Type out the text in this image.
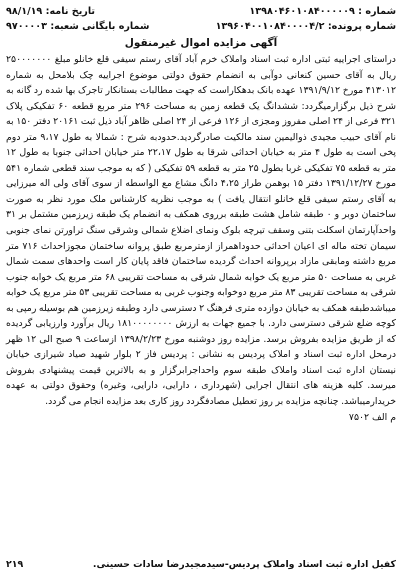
شماره : ۱۳۹۸۰۴۶۰۱۰۸۴۰۰۰۰۰۹
تاریخ نامه: ۹۸/۱/۱۹
شماره پرونده: ۱۳۹۶۰۴۰۰۱۰۸۴۰۰۰۰۴/۲
شماره بایگانی شعبه: ۹۷۰۰۰۰۳
آگهی مزایده اموال غیرمنقول

دراستای اجراییه ثبتی اداره ثبت اسناد واملاک خرم آباد آقای رستم سیفی قلع خانلو مبلغ ۲۵۰۰۰۰۰۰۰ ریال به آقای حسین کنعانی دوآبی به انضمام حقوق دولتی موضوع اجراییه چک بلامحل به شماره ۴۱۳۰۱۲ مورخ ۱۳۹۱/۹/۱۲ عهده بانک بدهکاراست که جهت مطالبات بستانکار تاجرک بها شده رد گانه به شرح ذیل برگزارمیگردد: ششدانگ یک قطعه زمین به مساحت ۲۹۶ متر مربع قطعه ۶۰ تفکیکی پلاک ۳۲۱ فرعی از ۲۴ اصلی مفروز ومجزی از ۱۲۶ فرعی از ۲۴ اصلی ظاهر آباد ذیل ثبت ۲۰۱۶۱ دفتر ۱۵۰ به نام آقای حبیب مجیدی ذوالیمین سند مالکیت صادرگردید.حدودبه شرح : شمالا به طول ۹،۱۷ متر دوم پخی است به طول ۴ متر به خیابان احداثی شرقا به طول ۲۲،۱۷ متر خیابان احداثی جنوبا به طول ۱۲ متر به قطعه ۷۵ تفکیکی غربا بطول ۲۵ متر به قطعه ۵۹ تفکیکی ( که به موجب سند قطعی شماره ۵۴۱ مورخ ۱۳۹۱/۱۲/۲۷ دفتر ۱۵ بوهمن طراز ۴،۲۵ دانگ مشاع مع الواسطه از سوی آقای ولی اله میرزایی به آقای رستم سیفی قلع خانلو انتقال یافت ) به موجب نظریه کارشناس ملک مورد نظر به صورت ساختمان دوبر و ۰ طبقه شامل هشت طبقه برروی همکف به انضمام یک طبقه زیرزمین مشتمل بر ۳۱ واحدآپارتمان اسکلت بتنی وسقف تیرچه بلوک ونمای اضلاع شمالی وشرقی سنگ تراورتن نمای جنوبی سیمان تخته ماله ای اعیان احداثی حدوداهمراز ازمترمربع طبق پروانه ساختمان مجوزاحداث ۷۱۶ متر مربع داشته ومابقی مازاد برپروانه احداث گردیده ساختمان فاقد پایان کار است واحدهای سمت شمال غربی به مساحت ۵۰ متر مربع یک خوابه شمال شرقی به مساحت تقریبی ۶۸ متر مربع یک خوابه جنوب شرقی به مساحت تقریبی ۸۳ متر مربع دوخوابه وجنوب غربی به مساحت تقریبی ۵۳ متر مربع یک خوابه میباشدطبقه همکف به خیابان دوازده متری فرهنگ ۲ دسترسی دارد وطبقه زیرزمین هم بوسیله رمپی به کوچه ضلع شرقی دسترسی دارد. با جمیع جهات به ارزش ۱۸۱۰۰۰۰۰۰۰۰ ریال برآورد وارزیابی گردیده که از طریق مزایده بفروش برسد. مزایده روز دوشنبه مورخ ۱۳۹۸/۲/۲۳ ازساعت ۹ صبح الی ۱۲ ظهر درمحل اداره ثبت اسناد و املاک پردیس به نشانی : پردیس فاز ۲ بلوار شهید صیاد شیرازی خیابان نیستان اداره ثبت اسناد واملاک طبقه سوم واحداجرابرگزار و به بالاترین قیمت پیشنهادی بفروش میرسد. کلیه هزینه های انتقال اجرایی (شهرداری ، دارایی، دارایی، وغیره) وحقوق دولتی به عهده خریدارمیباشد. چنانچه مزایده بر روز تعطیل مصادفگردد روز کاری بعد مزایده انجام می گردد.

م الف ۷۵۰۲
کفیل اداره ثبت اسناد واملاک پردیس-سیدمجیدرضا سادات حسینی.
۲۱۹
